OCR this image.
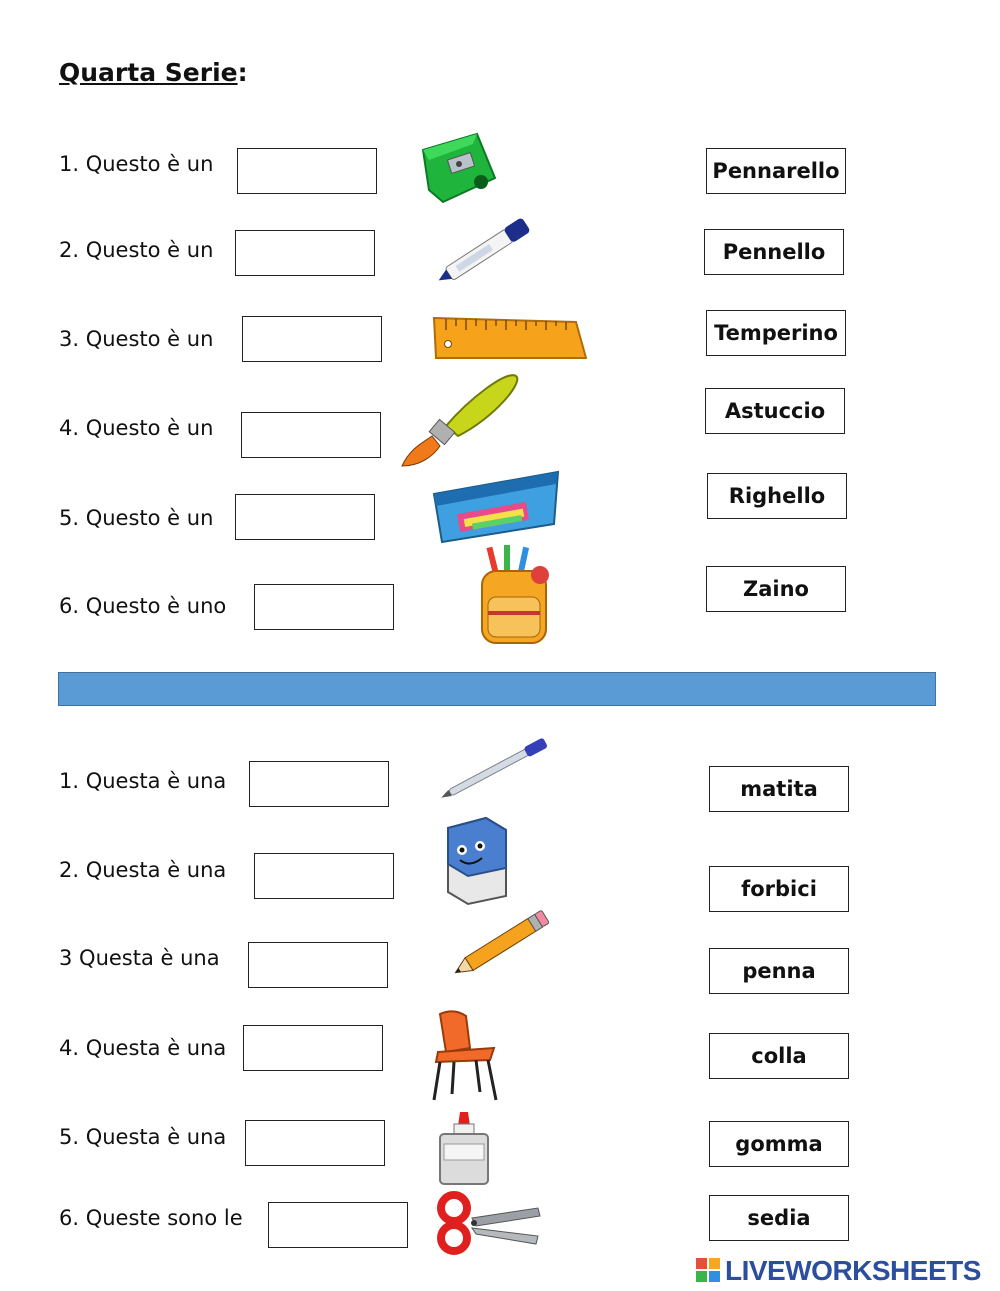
Quarta Serie:
1. Questo è un
2. Questo è un
3. Questo è un
4. Questo è un
5. Questo è un
6. Questo è uno
Pennarello
Pennello
Temperino
Astuccio
Righello
Zaino
1. Questa è una
2. Questa è una
3 Questa è una
4. Questa è una
5. Questa è una
6. Queste sono le
matita
forbici
penna
colla
gomma
sedia
LIVEWORKSHEETS
